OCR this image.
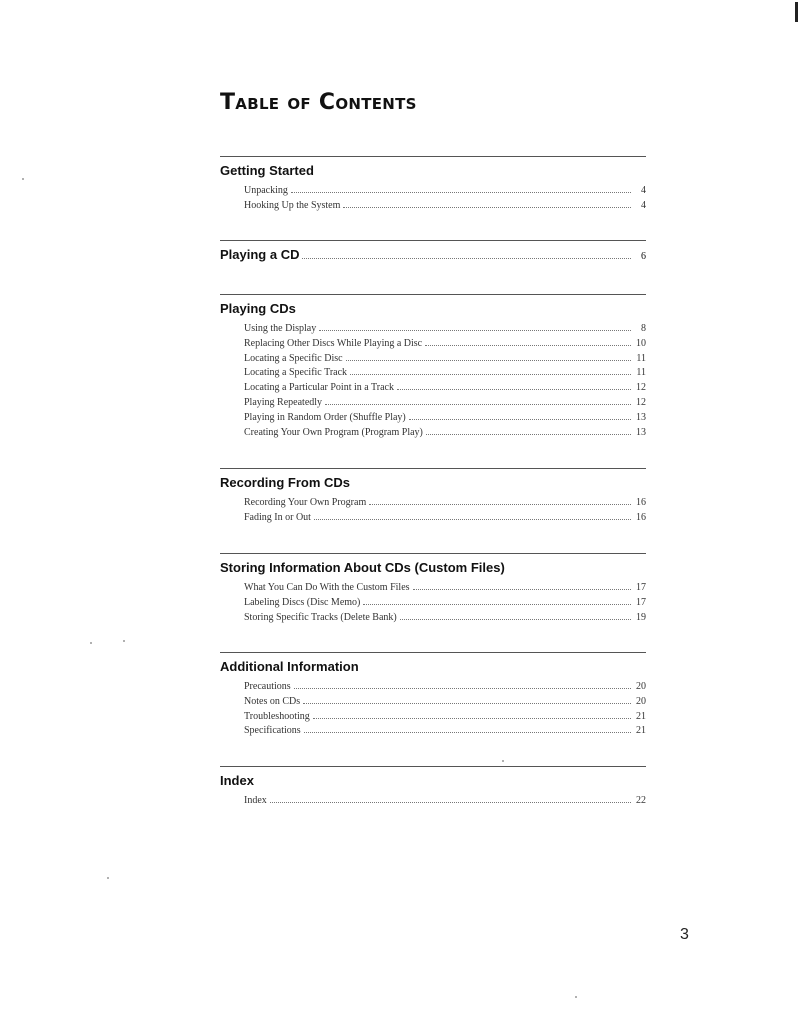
Table of Contents
Getting Started
Unpacking	4
Hooking Up the System	4
Playing a CD	6
Playing CDs
Using the Display	8
Replacing Other Discs While Playing a Disc	10
Locating a Specific Disc	11
Locating a Specific Track	11
Locating a Particular Point in a Track	12
Playing Repeatedly	12
Playing in Random Order (Shuffle Play)	13
Creating Your Own Program (Program Play)	13
Recording From CDs
Recording Your Own Program	16
Fading In or Out	16
Storing Information About CDs (Custom Files)
What You Can Do With the Custom Files	17
Labeling Discs (Disc Memo)	17
Storing Specific Tracks (Delete Bank)	19
Additional Information
Precautions	20
Notes on CDs	20
Troubleshooting	21
Specifications	21
Index
Index	22
3
